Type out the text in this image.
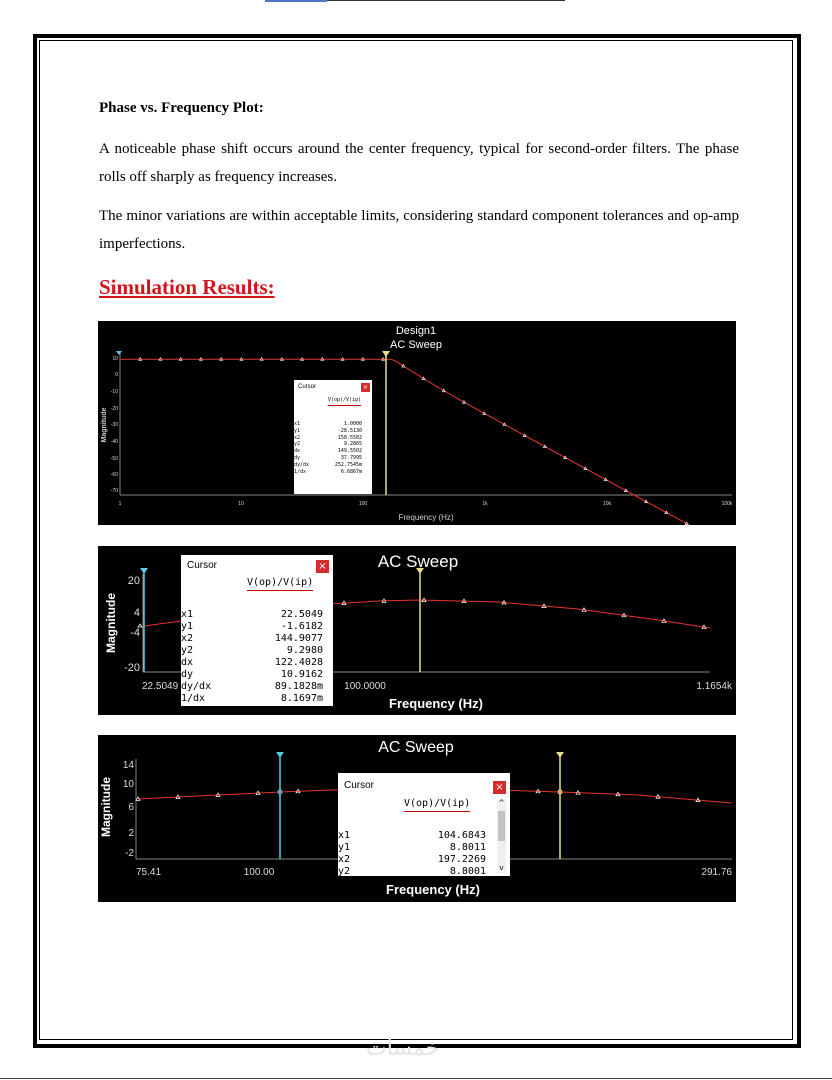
Phase vs. Frequency Plot:
A noticeable phase shift occurs around the center frequency, typical for second-order filters. The phase rolls off sharply as frequency increases.
The minor variations are within acceptable limits, considering standard component tolerances and op-amp imperfections.
Simulation Results:
Design1
AC Sweep
Magnitude
Frequency (Hz)
10
0
-10
-20
-30
-40
-50
-60
-70
1	10	100	1k	10k	100k
Cursor	×
V(op)/V(ip)
x1	1.0000
y1	-28.5130
x2	150.5502
y2	9.2865
dx	149.5502
dy	37.7995
dy/dx	252.7545m
1/dx	6.6867m
AC Sweep
Magnitude
Frequency (Hz)
20
4
-4
-20
22.5049	100.0000	1.1654k
Cursor	×
V(op)/V(ip)
x1	22.5049
y1	-1.6182
x2	144.9077
y2	9.2980
dx	122.4028
dy	10.9162
dy/dx	89.1828m
1/dx	8.1697m
AC Sweep
Magnitude
Frequency (Hz)
14
10
6
2
-2
75.41	100.00	291.76
Cursor	×
V(op)/V(ip)	^
v
x1	104.6843
y1	8.8011
x2	197.2269
y2	8.8001
خمسات
